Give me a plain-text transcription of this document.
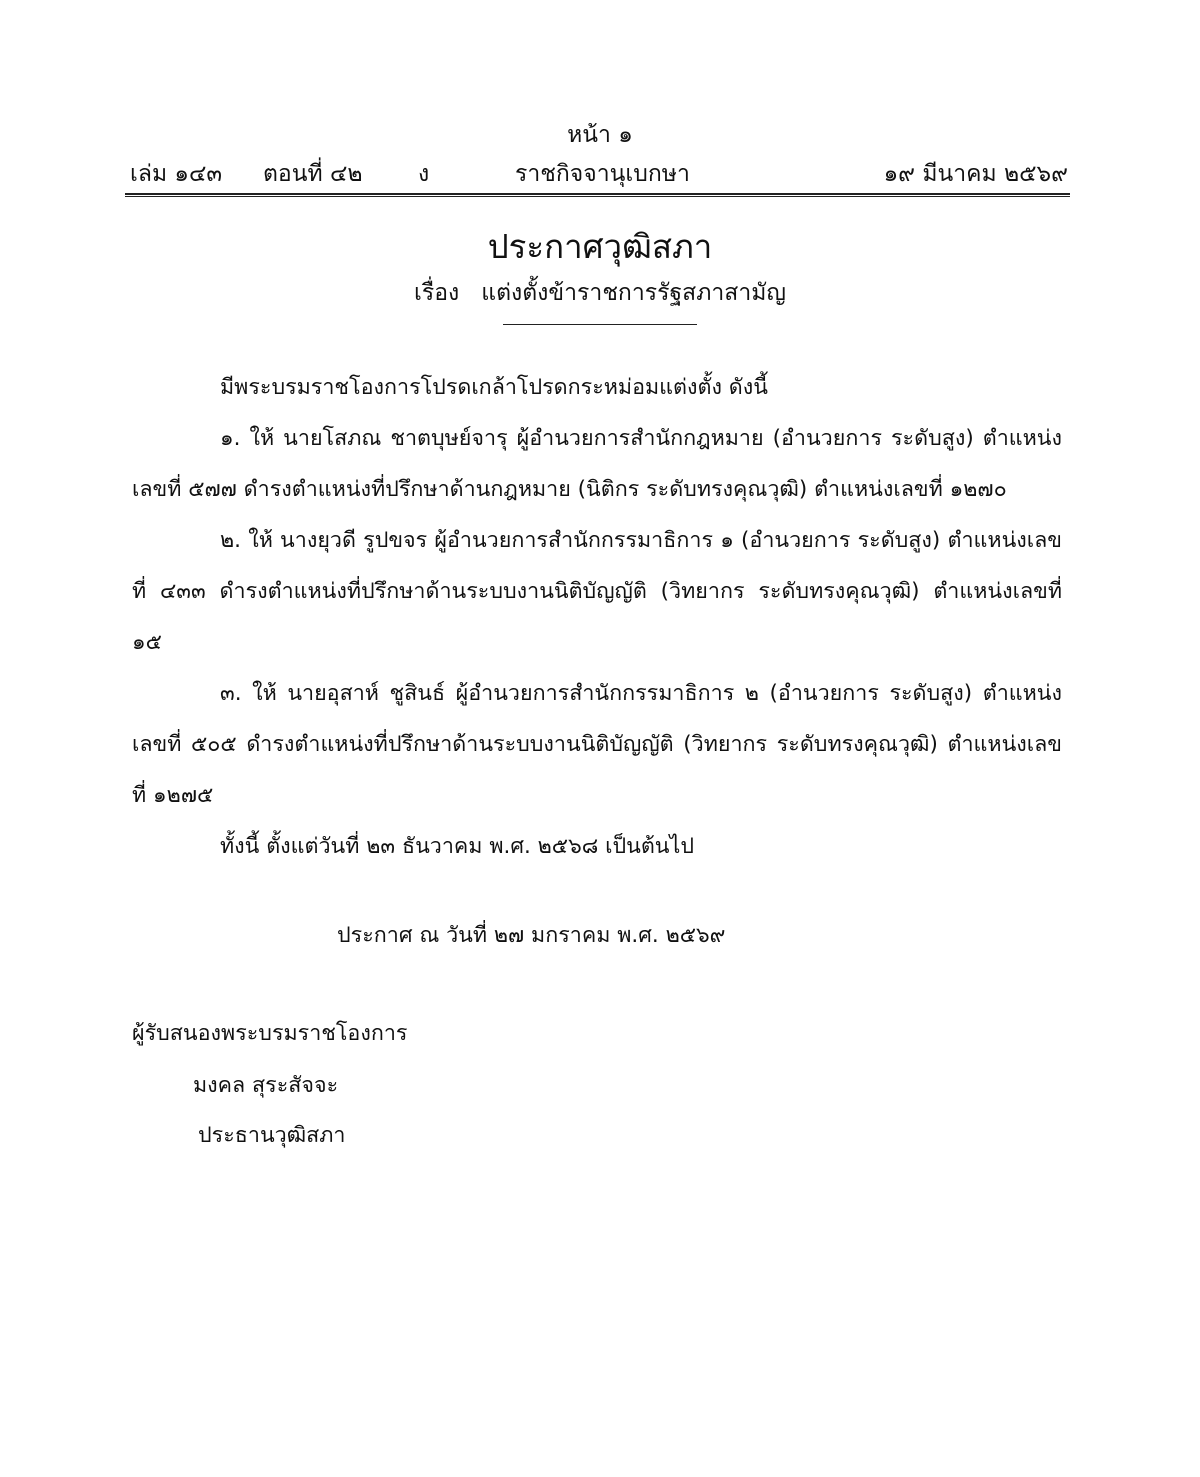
หน้า ๑
เล่ม ๑๔๓ ตอนที่ ๔๒ ง	ราชกิจจานุเบกษา	๑๙ มีนาคม ๒๕๖๙
ประกาศวุฒิสภา
เรื่อง แต่งตั้งข้าราชการรัฐสภาสามัญ

มีพระบรมราชโองการโปรดเกล้าโปรดกระหม่อมแต่งตั้ง ดังนี้

๑. ให้ นายโสภณ ชาตบุษย์จารุ ผู้อำนวยการสำนักกฎหมาย (อำนวยการ ระดับสูง) ตำแหน่งเลขที่ ๕๗๗ ดำรงตำแหน่งที่ปรึกษาด้านกฎหมาย (นิติกร ระดับทรงคุณวุฒิ) ตำแหน่งเลขที่ ๑๒๗๐

๒. ให้ นางยุวดี รูปขจร ผู้อำนวยการสำนักกรรมาธิการ ๑ (อำนวยการ ระดับสูง) ตำแหน่งเลขที่ ๔๓๓ ดำรงตำแหน่งที่ปรึกษาด้านระบบงานนิติบัญญัติ (วิทยากร ระดับทรงคุณวุฒิ) ตำแหน่งเลขที่ ๑๕

๓. ให้ นายอุสาห์ ชูสินธ์ ผู้อำนวยการสำนักกรรมาธิการ ๒ (อำนวยการ ระดับสูง) ตำแหน่งเลขที่ ๕๐๕ ดำรงตำแหน่งที่ปรึกษาด้านระบบงานนิติบัญญัติ (วิทยากร ระดับทรงคุณวุฒิ) ตำแหน่งเลขที่ ๑๒๗๕

ทั้งนี้ ตั้งแต่วันที่ ๒๓ ธันวาคม พ.ศ. ๒๕๖๘ เป็นต้นไป

ประกาศ ณ วันที่ ๒๗ มกราคม พ.ศ. ๒๕๖๙
ผู้รับสนองพระบรมราชโองการ
มงคล สุระสัจจะ
ประธานวุฒิสภา
